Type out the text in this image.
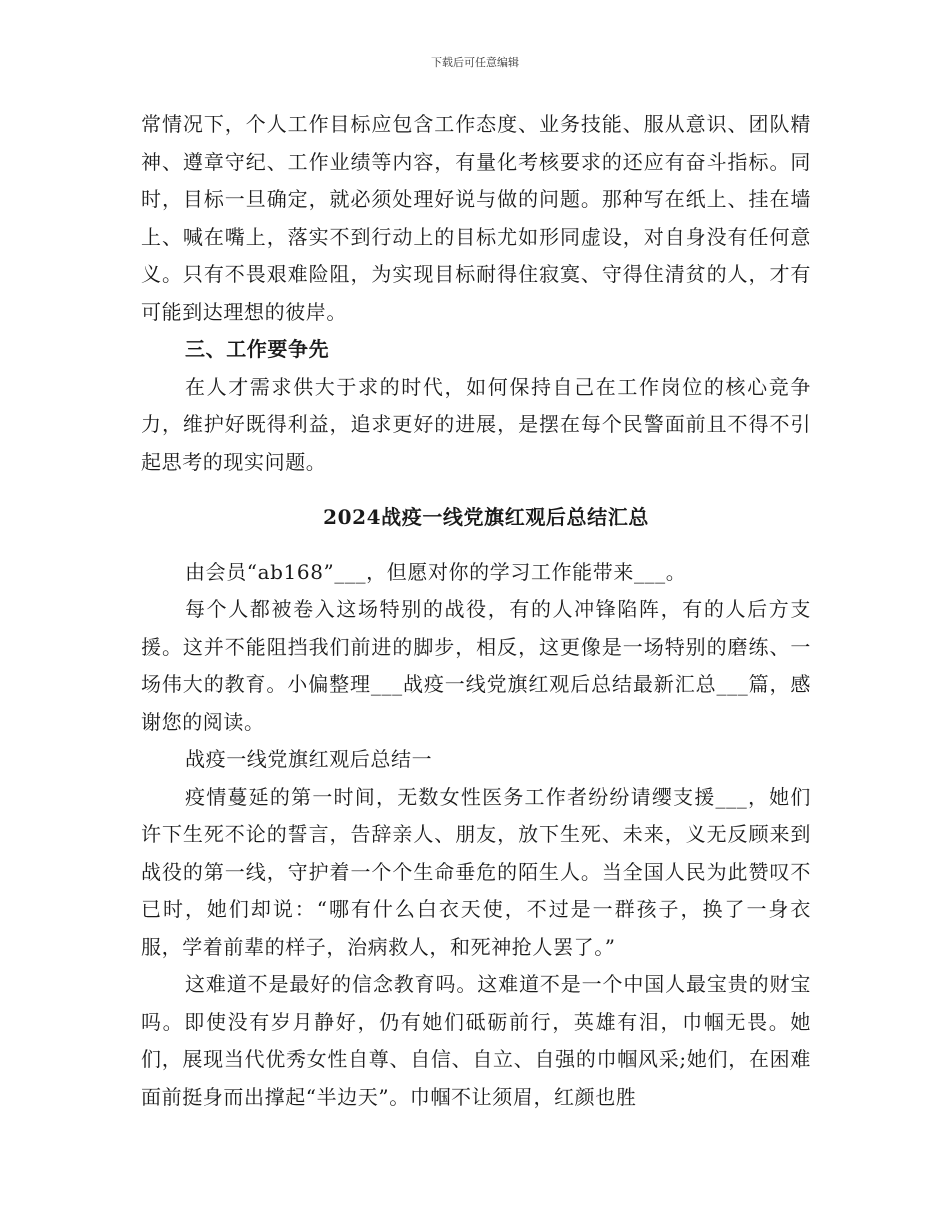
下载后可任意编辑

常情况下，个人工作目标应包含工作态度、业务技能、服从意识、团队精神、遵章守纪、工作业绩等内容，有量化考核要求的还应有奋斗指标。同时，目标一旦确定，就必须处理好说与做的问题。那种写在纸上、挂在墙上、喊在嘴上，落实不到行动上的目标尤如形同虚设，对自身没有任何意义。只有不畏艰难险阻，为实现目标耐得住寂寞、守得住清贫的人，才有可能到达理想的彼岸。

三、工作要争先

在人才需求供大于求的时代，如何保持自己在工作岗位的核心竞争力，维护好既得利益，追求更好的进展，是摆在每个民警面前且不得不引起思考的现实问题。

2024战疫一线党旗红观后总结汇总

由会员“ab168”___，但愿对你的学习工作能带来___。

每个人都被卷入这场特别的战役，有的人冲锋陷阵，有的人后方支援。这并不能阻挡我们前进的脚步，相反，这更像是一场特别的磨练、一场伟大的教育。小偏整理___战疫一线党旗红观后总结最新汇总___篇，感谢您的阅读。

战疫一线党旗红观后总结一

疫情蔓延的第一时间，无数女性医务工作者纷纷请缨支援___，她们许下生死不论的誓言，告辞亲人、朋友，放下生死、未来，义无反顾来到战役的第一线，守护着一个个生命垂危的陌生人。当全国人民为此赞叹不已时，她们却说：“哪有什么白衣天使，不过是一群孩子，换了一身衣服，学着前辈的样子，治病救人，和死神抢人罢了。”

这难道不是最好的信念教育吗。这难道不是一个中国人最宝贵的财宝吗。即使没有岁月静好，仍有她们砥砺前行，英雄有泪，巾帼无畏。她们，展现当代优秀女性自尊、自信、自立、自强的巾帼风采;她们，在困难面前挺身而出撑起“半边天”。巾帼不让须眉，红颜也胜
